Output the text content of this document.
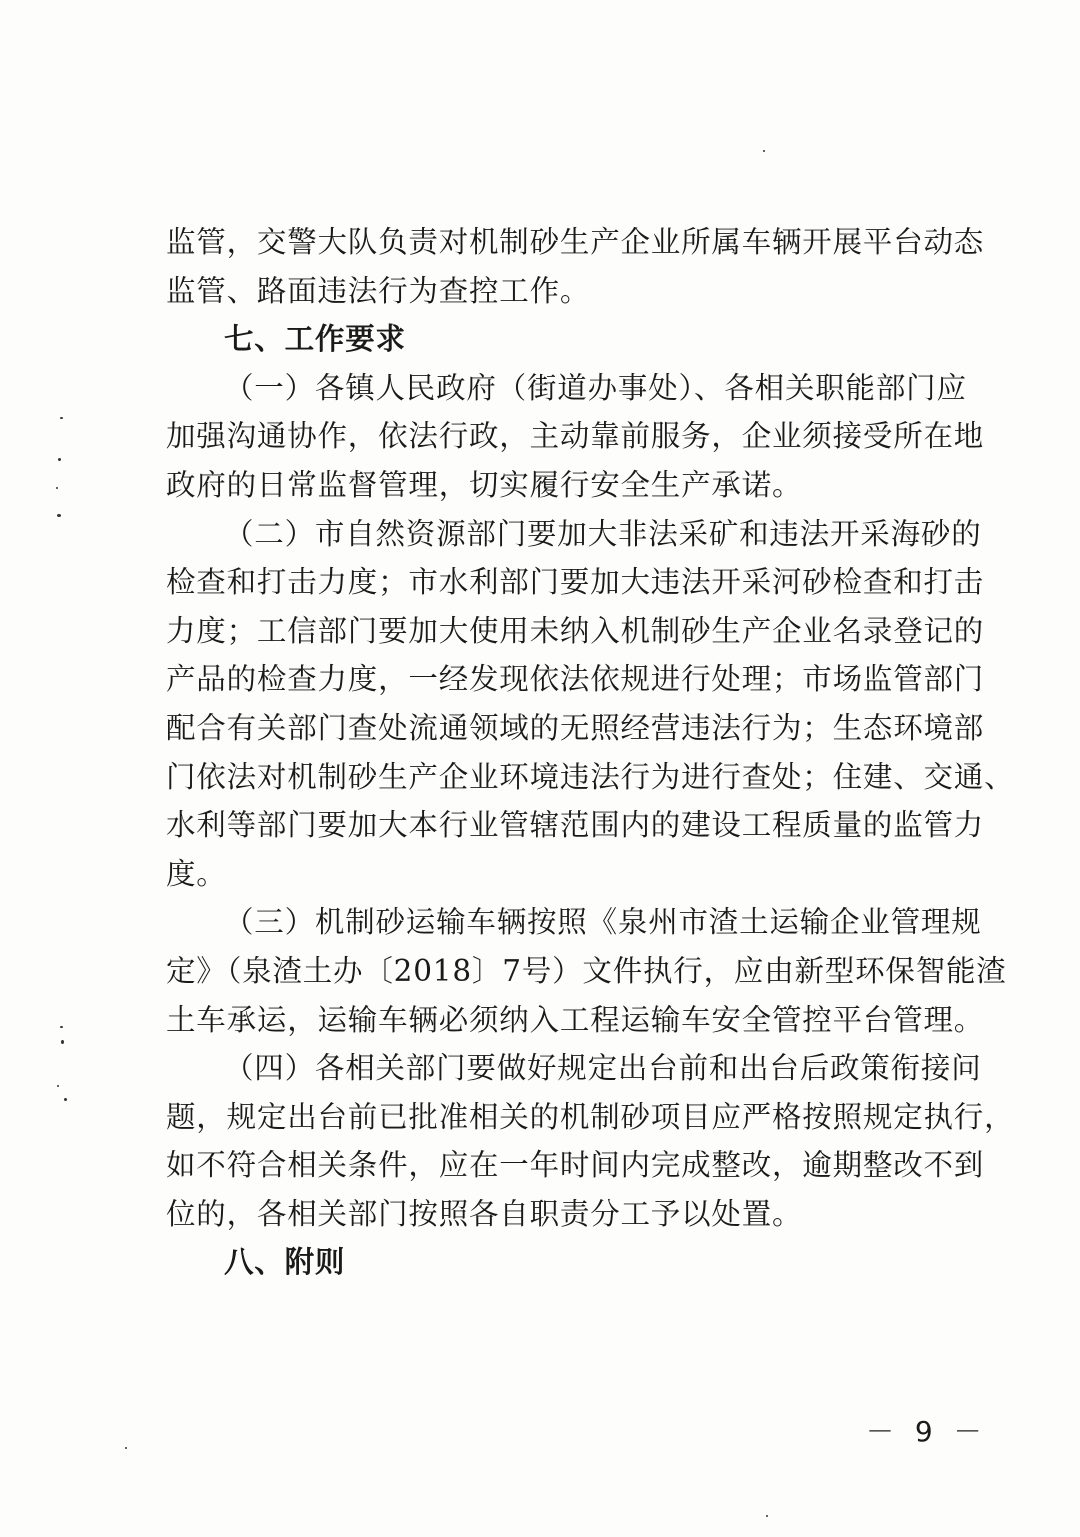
监管，交警大队负责对机制砂生产企业所属车辆开展平台动态
监管、路面违法行为查控工作。
七、工作要求
（一）各镇人民政府（街道办事处）、各相关职能部门应
加强沟通协作，依法行政，主动靠前服务，企业须接受所在地
政府的日常监督管理，切实履行安全生产承诺。
（二）市自然资源部门要加大非法采矿和违法开采海砂的
检查和打击力度；市水利部门要加大违法开采河砂检查和打击
力度；工信部门要加大使用未纳入机制砂生产企业名录登记的
产品的检查力度，一经发现依法依规进行处理；市场监管部门
配合有关部门查处流通领域的无照经营违法行为；生态环境部
门依法对机制砂生产企业环境违法行为进行查处；住建、交通、
水利等部门要加大本行业管辖范围内的建设工程质量的监管力
度。
（三）机制砂运输车辆按照《泉州市渣土运输企业管理规
定》（泉渣土办〔2018〕7号）文件执行，应由新型环保智能渣
土车承运，运输车辆必须纳入工程运输车安全管控平台管理。
（四）各相关部门要做好规定出台前和出台后政策衔接问
题，规定出台前已批准相关的机制砂项目应严格按照规定执行，
如不符合相关条件，应在一年时间内完成整改，逾期整改不到
位的，各相关部门按照各自职责分工予以处置。
八、附则
－ 9 －
